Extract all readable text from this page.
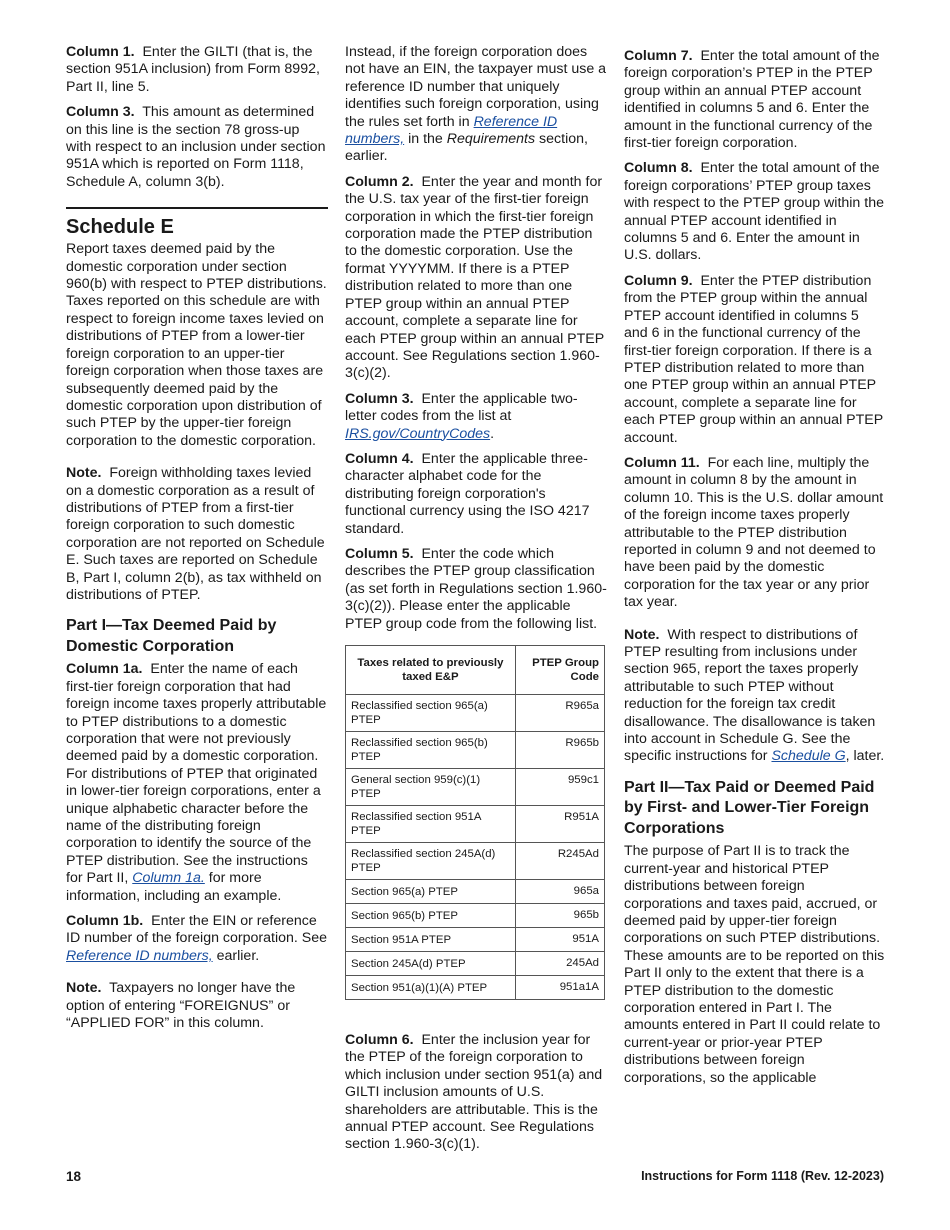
Column 1. Enter the GILTI (that is, the section 951A inclusion) from Form 8992, Part II, line 5.

Column 3. This amount as determined on this line is the section 78 gross-up with respect to an inclusion under section 951A which is reported on Form 1118, Schedule A, column 3(b).

Schedule E

Report taxes deemed paid by the domestic corporation under section 960(b) with respect to PTEP distributions. Taxes reported on this schedule are with respect to foreign income taxes levied on distributions of PTEP from a lower-tier foreign corporation to an upper-tier foreign corporation when those taxes are subsequently deemed paid by the domestic corporation upon distribution of such PTEP by the upper-tier foreign corporation to the domestic corporation.

Note. Foreign withholding taxes levied on a domestic corporation as a result of distributions of PTEP from a first-tier foreign corporation to such domestic corporation are not reported on Schedule E. Such taxes are reported on Schedule B, Part I, column 2(b), as tax withheld on distributions of PTEP.

Part I—Tax Deemed Paid by Domestic Corporation

Column 1a. Enter the name of each first-tier foreign corporation that had foreign income taxes properly attributable to PTEP distributions to a domestic corporation that were not previously deemed paid by a domestic corporation. For distributions of PTEP that originated in lower-tier foreign corporations, enter a unique alphabetic character before the name of the distributing foreign corporation to identify the source of the PTEP distribution. See the instructions for Part II, Column 1a. for more information, including an example.

Column 1b. Enter the EIN or reference ID number of the foreign corporation. See Reference ID numbers, earlier.

Note. Taxpayers no longer have the option of entering “FOREIGNUS” or “APPLIED FOR” in this column.

Instead, if the foreign corporation does not have an EIN, the taxpayer must use a reference ID number that uniquely identifies such foreign corporation, using the rules set forth in Reference ID numbers, in the Requirements section, earlier.

Column 2. Enter the year and month for the U.S. tax year of the first-tier foreign corporation in which the first-tier foreign corporation made the PTEP distribution to the domestic corporation. Use the format YYYYMM. If there is a PTEP distribution related to more than one PTEP group within an annual PTEP account, complete a separate line for each PTEP group within an annual PTEP account. See Regulations section 1.960-3(c)(2).

Column 3. Enter the applicable two-letter codes from the list at IRS.gov/CountryCodes.

Column 4. Enter the applicable three-character alphabet code for the distributing foreign corporation's functional currency using the ISO 4217 standard.

Column 5. Enter the code which describes the PTEP group classification (as set forth in Regulations section 1.960-3(c)(2)). Please enter the applicable PTEP group code from the following list.

Taxes related to previously taxed E&P	PTEP Group Code
Reclassified section 965(a) PTEP	R965a
Reclassified section 965(b) PTEP	R965b
General section 959(c)(1) PTEP	959c1
Reclassified section 951A PTEP	R951A
Reclassified section 245A(d) PTEP	R245Ad
Section 965(a) PTEP	965a
Section 965(b) PTEP	965b
Section 951A PTEP	951A
Section 245A(d) PTEP	245Ad
Section 951(a)(1)(A) PTEP	951a1A

Column 6. Enter the inclusion year for the PTEP of the foreign corporation to which inclusion under section 951(a) and GILTI inclusion amounts of U.S. shareholders are attributable. This is the annual PTEP account. See Regulations section 1.960-3(c)(1).

Column 7. Enter the total amount of the foreign corporation’s PTEP in the PTEP group within an annual PTEP account identified in columns 5 and 6. Enter the amount in the functional currency of the first-tier foreign corporation.

Column 8. Enter the total amount of the foreign corporations’ PTEP group taxes with respect to the PTEP group within the annual PTEP account identified in columns 5 and 6. Enter the amount in U.S. dollars.

Column 9. Enter the PTEP distribution from the PTEP group within the annual PTEP account identified in columns 5 and 6 in the functional currency of the first-tier foreign corporation. If there is a PTEP distribution related to more than one PTEP group within an annual PTEP account, complete a separate line for each PTEP group within an annual PTEP account.

Column 11. For each line, multiply the amount in column 8 by the amount in column 10. This is the U.S. dollar amount of the foreign income taxes properly attributable to the PTEP distribution reported in column 9 and not deemed to have been paid by the domestic corporation for the tax year or any prior tax year.

Note. With respect to distributions of PTEP resulting from inclusions under section 965, report the taxes properly attributable to such PTEP without reduction for the foreign tax credit disallowance. The disallowance is taken into account in Schedule G. See the specific instructions for Schedule G, later.

Part II—Tax Paid or Deemed Paid by First- and Lower-Tier Foreign Corporations

The purpose of Part II is to track the current-year and historical PTEP distributions between foreign corporations and taxes paid, accrued, or deemed paid by upper-tier foreign corporations on such PTEP distributions. These amounts are to be reported on this Part II only to the extent that there is a PTEP distribution to the domestic corporation entered in Part I. The amounts entered in Part II could relate to current-year or prior-year PTEP distributions between foreign corporations, so the applicable

18	Instructions for Form 1118 (Rev. 12-2023)
